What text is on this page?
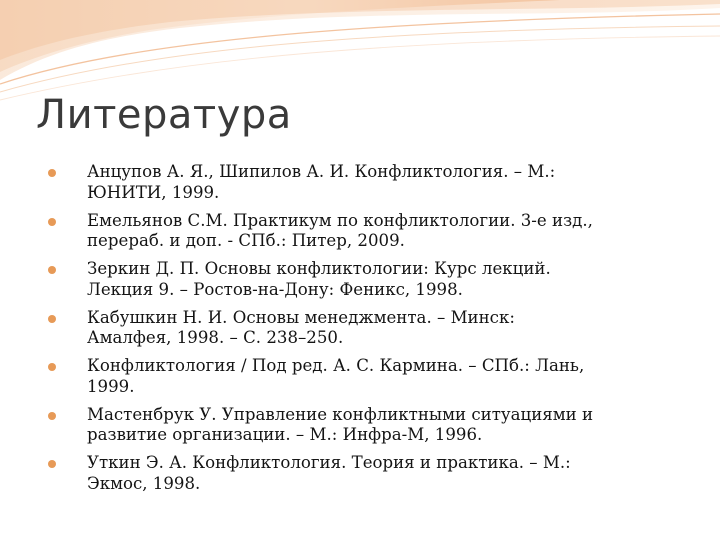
Литература
Анцупов А. Я., Шипилов А. И. Конфликтология. – М.: ЮНИТИ, 1999.
Емельянов С.М. Практикум по конфликтологии. 3-е изд., перераб. и доп. - СПб.: Питер, 2009.
Зеркин Д. П. Основы конфликтологии: Курс лекций. Лекция 9. – Ростов-на-Дону: Феникс, 1998.
Кабушкин Н. И. Основы менеджмента. – Минск: Амалфея, 1998. – С. 238–250.
Конфликтология / Под ред. А. С. Кармина. – СПб.: Лань, 1999.
Мастенбрук У. Управление конфликтными ситуациями и развитие организации. – М.: Инфра-М, 1996.
Уткин Э. А. Конфликтология. Теория и практика. – М.: Экмос, 1998.
